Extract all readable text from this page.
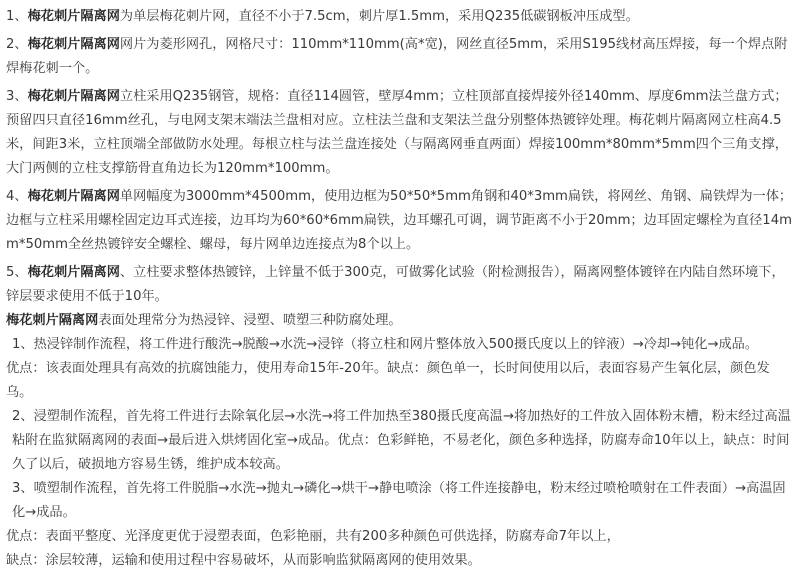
1、梅花刺片隔离网为单层梅花刺片网，直径不小于7.5cm，刺片厚1.5mm，采用Q235低碳钢板冲压成型。

2、梅花刺片隔离网网片为菱形网孔，网格尺寸：110mm*110mm(高*宽)，网丝直径5mm，采用S195线材高压焊接，每一个焊点附焊梅花刺一个。

3、梅花刺片隔离网立柱采用Q235钢管，规格：直径114圆管，壁厚4mm；立柱顶部直接焊接外径140mm、厚度6mm法兰盘方式；预留四只直径16mm丝孔，与电网支架末端法兰盘相对应。立柱法兰盘和支架法兰盘分别整体热镀锌处理。梅花刺片隔离网立柱高4.5米，间距3米，立柱顶端全部做防水处理。每根立柱与法兰盘连接处（与隔离网垂直两面）焊接100mm*80mm*5mm四个三角支撑，大门两侧的立柱支撑筋骨直角边长为120mm*100mm。

4、梅花刺片隔离网单网幅度为3000mm*4500mm，使用边框为50*50*5mm角钢和40*3mm扁铁，将网丝、角钢、扁铁焊为一体；边框与立柱采用螺栓固定边耳式连接，边耳均为60*60*6mm扁铁，边耳螺孔可调，调节距离不小于20mm；边耳固定螺栓为直径14mm*50mm全丝热镀锌安全螺栓、螺母，每片网单边连接点为8个以上。

5、梅花刺片隔离网、立柱要求整体热镀锌，上锌量不低于300克，可做雾化试验（附检测报告），隔离网整体镀锌在内陆自然环境下，锌层要求使用不低于10年。

梅花刺片隔离网表面处理常分为热浸锌、浸塑、喷塑三种防腐处理。

1、热浸锌制作流程，将工件进行酸洗→脱酸→水洗→浸锌（将立柱和网片整体放入500摄氏度以上的锌液）→冷却→钝化→成品。

优点：该表面处理具有高效的抗腐蚀能力，使用寿命15年-20年。缺点：颜色单一，长时间使用以后，表面容易产生氧化层，颜色发乌。

2、浸塑制作流程，首先将工件进行去除氧化层→水洗→将工件加热至380摄氏度高温→将加热好的工件放入固体粉末槽，粉末经过高温粘附在监狱隔离网的表面→最后进入烘烤固化室→成品。优点：色彩鲜艳，不易老化，颜色多种选择，防腐寿命10年以上，缺点：时间久了以后，破损地方容易生锈，维护成本较高。

3、喷塑制作流程，首先将工件脱脂→水洗→抛丸→磷化→烘干→静电喷涂（将工件连接静电，粉末经过喷枪喷射在工件表面）→高温固化→成品。

优点：表面平整度、光泽度更优于浸塑表面，色彩艳丽，共有200多种颜色可供选择，防腐寿命7年以上，

缺点：涂层较薄，运输和使用过程中容易破坏，从而影响监狱隔离网的使用效果。
